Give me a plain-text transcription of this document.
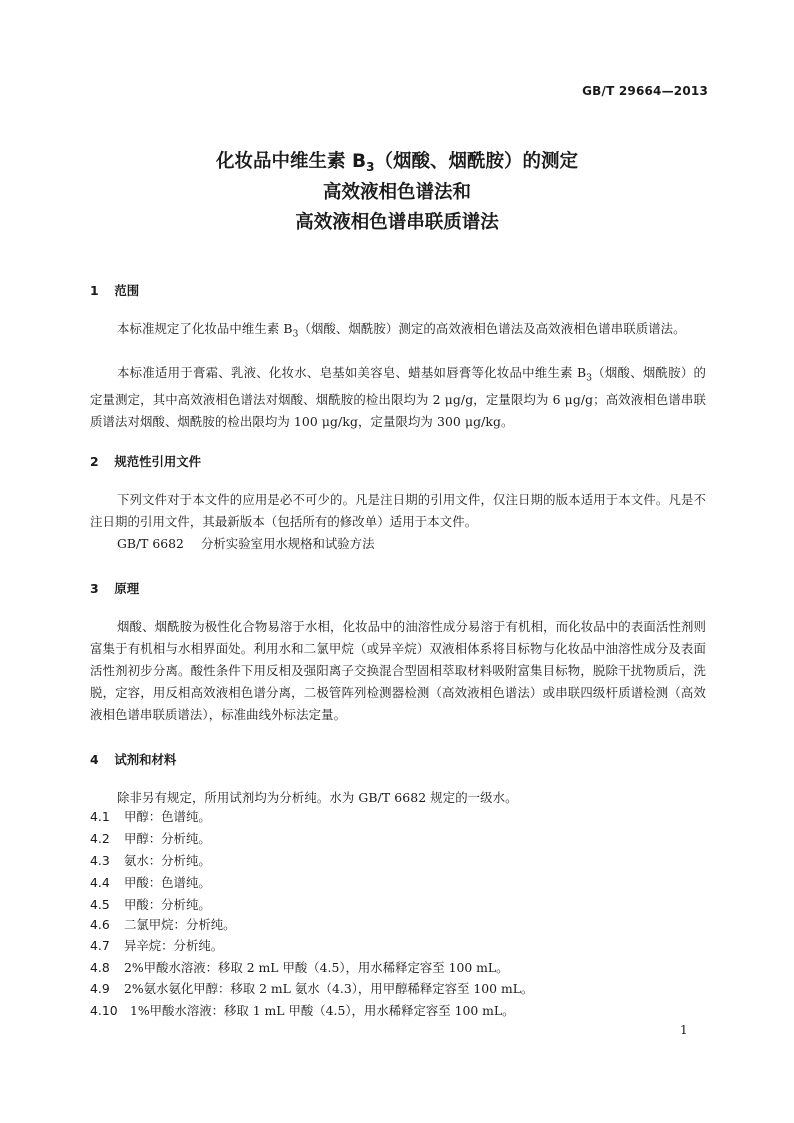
GB/T 29664—2013
化妆品中维生素 $B_3$（烟酸、烟酰胺）的测定
高效液相色谱法和
高效液相色谱串联质谱法
1 范围
本标准规定了化妆品中维生素 $B_3$（烟酸、烟酰胺）测定的高效液相色谱法及高效液相色谱串联质谱法。
本标准适用于膏霜、乳液、化妆水、皂基如美容皂、蜡基如唇膏等化妆品中维生素 $B_3$（烟酸、烟酰胺）的定量测定，其中高效液相色谱法对烟酸、烟酰胺的检出限均为 2 μg/g，定量限均为 6 μg/g；高效液相色谱串联质谱法对烟酸、烟酰胺的检出限均为 100 μg/kg，定量限均为 300 μg/kg。
2 规范性引用文件
下列文件对于本文件的应用是必不可少的。凡是注日期的引用文件，仅注日期的版本适用于本文件。凡是不注日期的引用文件，其最新版本（包括所有的修改单）适用于本文件。
GB/T 6682 分析实验室用水规格和试验方法
3 原理
烟酸、烟酰胺为极性化合物易溶于水相，化妆品中的油溶性成分易溶于有机相，而化妆品中的表面活性剂则富集于有机相与水相界面处。利用水和二氯甲烷（或异辛烷）双液相体系将目标物与化妆品中油溶性成分及表面活性剂初步分离。酸性条件下用反相及强阳离子交换混合型固相萃取材料吸附富集目标物，脱除干扰物质后，洗脱，定容，用反相高效液相色谱分离，二极管阵列检测器检测（高效液相色谱法）或串联四级杆质谱检测（高效液相色谱串联质谱法），标准曲线外标法定量。
4 试剂和材料
除非另有规定，所用试剂均为分析纯。水为 GB/T 6682 规定的一级水。
4.1 甲醇：色谱纯。
4.2 甲醇：分析纯。
4.3 氨水：分析纯。
4.4 甲酸：色谱纯。
4.5 甲酸：分析纯。
4.6 二氯甲烷：分析纯。
4.7 异辛烷：分析纯。
4.8 2%甲酸水溶液：移取 2 mL 甲酸（4.5），用水稀释定容至 100 mL。
4.9 2%氨水氨化甲醇：移取 2 mL 氨水（4.3），用甲醇稀释定容至 100 mL。
4.10 1%甲酸水溶液：移取 1 mL 甲酸（4.5），用水稀释定容至 100 mL。
1
